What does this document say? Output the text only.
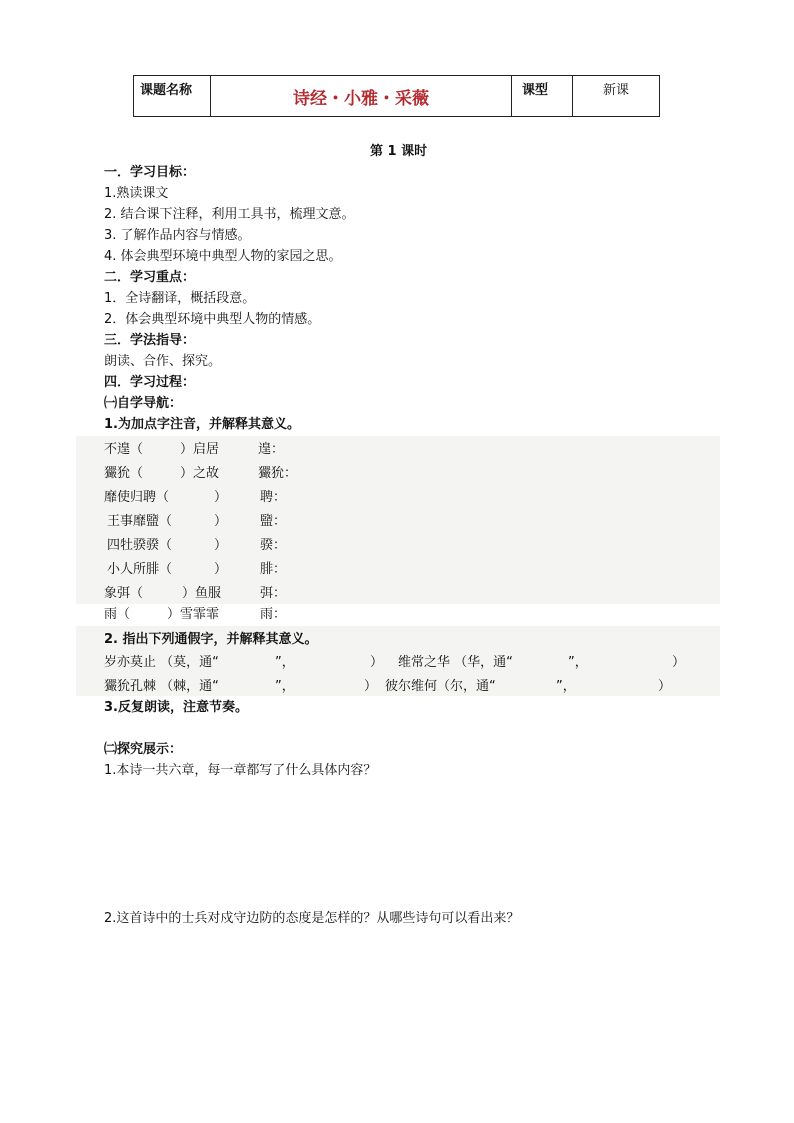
课题名称	诗经・小雅・采薇	课型	新课
第 1 课时
一．学习目标：
1.熟读课文
2. 结合课下注释，利用工具书，梳理文意。
3. 了解作品内容与情感。
4. 体会典型环境中典型人物的家园之思。
二．学习重点：
1．全诗翻译，概括段意。
2．体会典型环境中典型人物的情感。
三．学法指导：
朗读、合作、探究。
四．学习过程：
㈠自学导航：
1.为加点字注音，并解释其意义。
不遑（	）启居	遑：
玁狁（	）之故	玁狁：
靡使归聘（	）	聘：
王事靡盬（	）	盬：
四牡骙骙（	）	骙：
小人所腓（	）	腓：
象弭（	）鱼服	弭：
雨（	）雪霏霏	雨：
2. 指出下列通假字，并解释其意义。
岁亦莫止 （莫，通“	”，	） 维常之华 （华，通“	”，	）
玁狁孔棘 （棘，通“	”，	） 彼尔维何（尔，通“	”，	）
3.反复朗读，注意节奏。
㈡探究展示：
1.本诗一共六章，每一章都写了什么具体内容？
2.这首诗中的士兵对戍守边防的态度是怎样的？从哪些诗句可以看出来？
